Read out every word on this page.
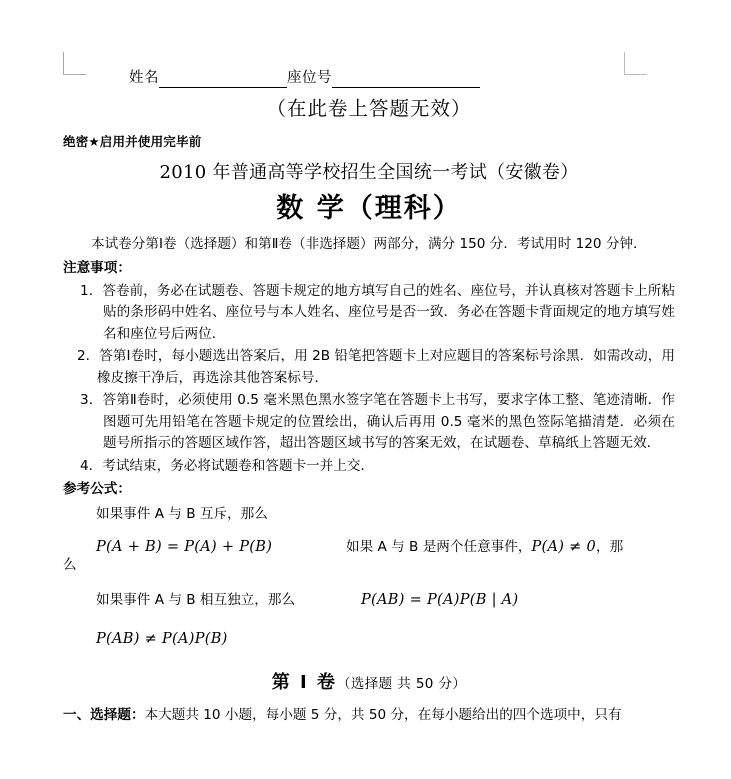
姓名	座位号
（在此卷上答题无效）
绝密★启用并使用完毕前
2010 年普通高等学校招生全国统一考试（安徽卷）
数 学（理科）
本试卷分第Ⅰ卷（选择题）和第Ⅱ卷（非选择题）两部分，满分 150 分．考试用时 120 分钟．
注意事项：
1．答卷前，务必在试题卷、答题卡规定的地方填写自己的姓名、座位号，并认真核对答题卡上所粘贴的条形码中姓名、座位号与本人姓名、座位号是否一致．务必在答题卡背面规定的地方填写姓名和座位号后两位．
2．答第Ⅰ卷时，每小题选出答案后，用 2B 铅笔把答题卡上对应题目的答案标号涂黑．如需改动，用橡皮擦干净后，再选涂其他答案标号．
3．答第Ⅱ卷时，必须使用 0.5 毫米黑色黑水签字笔在答题卡上书写，要求字体工整、笔迹清晰．作图题可先用铅笔在答题卡规定的位置绘出，确认后再用 0.5 毫米的黑色签际笔描清楚．必须在题号所指示的答题区域作答，超出答题区域书写的答案无效，在试题卷、草稿纸上答题无效．
4．考试结束，务必将试题卷和答题卡一并上交．
参考公式：
如果事件 A 与 B 互斥，那么
P(A + B) = P(A) + P(B)	如果 A 与 B 是两个任意事件，P(A) ≠ 0，那
么
如果事件 A 与 B 相互独立，那么	P(AB) = P(A)P(B | A)
P(AB) ≠ P(A)P(B)
第 Ⅰ 卷（选择题 共 50 分）
一、选择题：本大题共 10 小题，每小题 5 分，共 50 分，在每小题给出的四个选项中，只有
